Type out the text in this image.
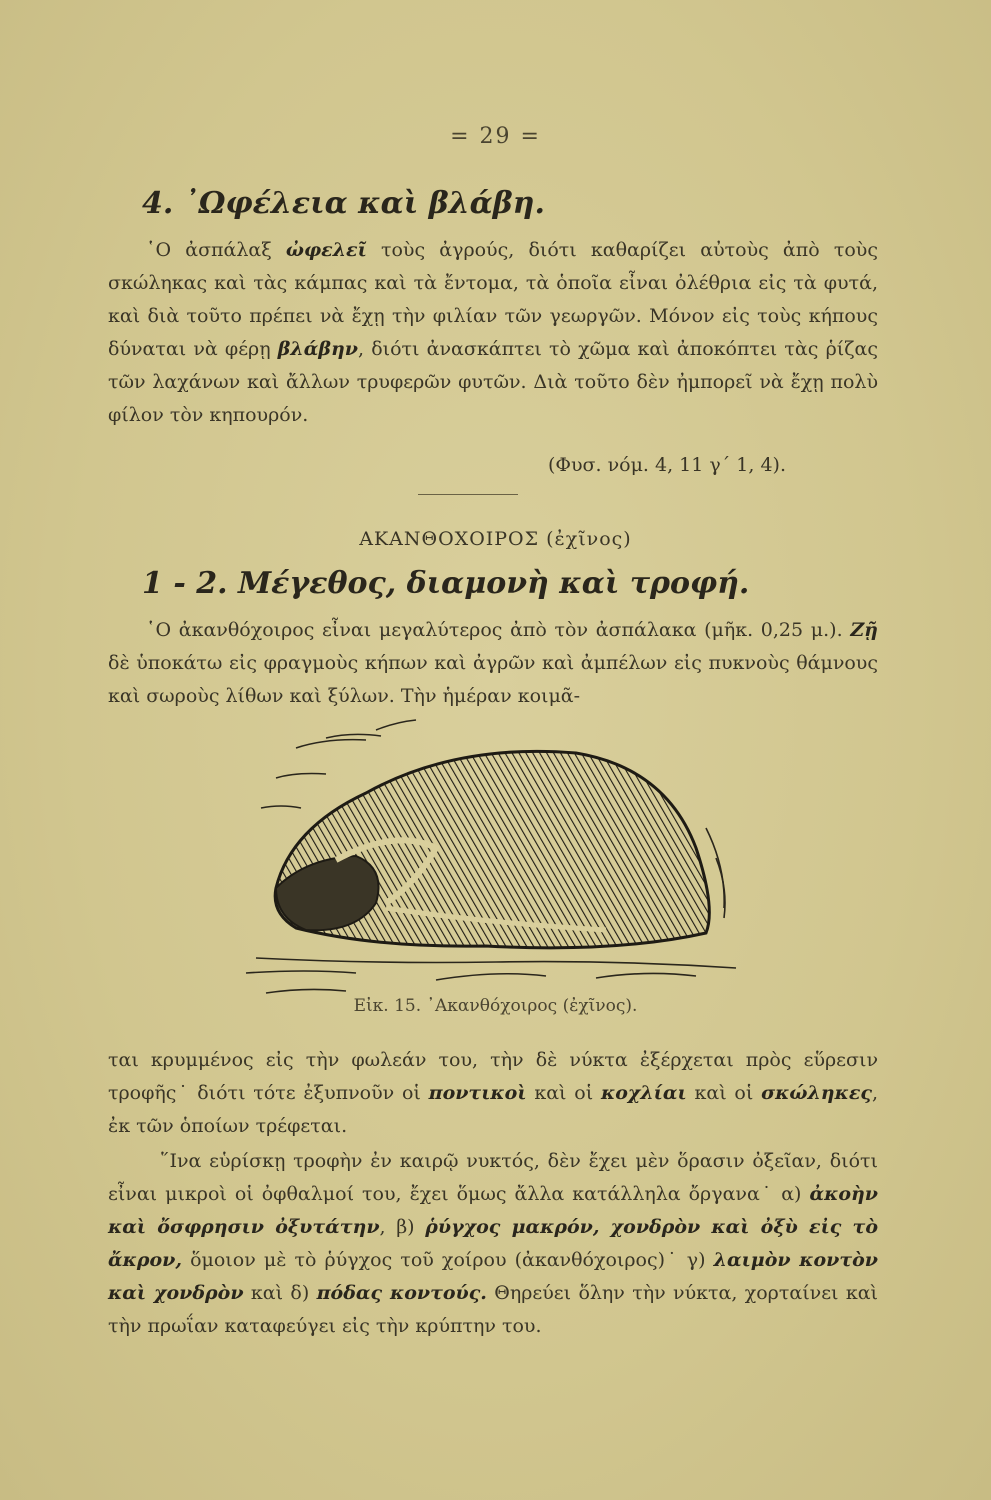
= 29 =
4. ᾿Ωφέλεια καὶ βλάβη.

῾Ο ἀσπάλαξ ὠφελεῖ τοὺς ἀγρούς, διότι καθαρίζει αὐτοὺς ἀπὸ τοὺς σκώληκας καὶ τὰς κάμπας καὶ τὰ ἔντομα, τὰ ὁποῖα εἶναι ὀλέθρια εἰς τὰ φυτά, καὶ διὰ τοῦτο πρέπει νὰ ἔχῃ τὴν φιλίαν τῶν γεωργῶν. Μόνον εἰς τοὺς κήπους δύναται νὰ φέρῃ βλάβην, διότι ἀνασκάπτει τὸ χῶμα καὶ ἀποκόπτει τὰς ῥίζας τῶν λαχάνων καὶ ἄλλων τρυφερῶν φυτῶν. Διὰ τοῦτο δὲν ἠμπορεῖ νὰ ἔχῃ πολὺ φίλον τὸν κηπουρόν.

(Φυσ. νόμ. 4, 11 γ΄ 1, 4).
ΑΚΑΝΘΟΧΟΙΡΟΣ (ἐχῖνος)
1 - 2. Μέγεθος, διαμονὴ καὶ τροφή.

῾Ο ἀκανθόχοιρος εἶναι μεγαλύτερος ἀπὸ τὸν ἀσπάλακα (μῆκ. 0,25 μ.). Ζῇ δὲ ὑποκάτω εἰς φραγμοὺς κήπων καὶ ἀγρῶν καὶ ἀμπέλων εἰς πυκνοὺς θάμνους καὶ σωροὺς λίθων καὶ ξύλων. Τὴν ἡμέραν κοιμᾶ-

Εἰκ. 15. ᾿Ακανθόχοιρος (ἐχῖνος).

ται κρυμμένος εἰς τὴν φωλεάν του, τὴν δὲ νύκτα ἐξέρχεται πρὸς εὕρεσιν τροφῆς˙ διότι τότε ἐξυπνοῦν οἱ ποντικοὶ καὶ οἱ κοχλίαι καὶ οἱ σκώληκες, ἐκ τῶν ὁποίων τρέφεται.

῞Ινα εὑρίσκῃ τροφὴν ἐν καιρῷ νυκτός, δὲν ἔχει μὲν ὅρασιν ὀξεῖαν, διότι εἶναι μικροὶ οἱ ὀφθαλμοί του, ἔχει ὅμως ἄλλα κατάλληλα ὄργανα˙ α) ἀκοὴν καὶ ὄσφρησιν ὀξυτάτην, β) ῥύγχος μακρόν, χονδρὸν καὶ ὀξὺ εἰς τὸ ἄκρον, ὅμοιον μὲ τὸ ῥύγχος τοῦ χοίρου (ἀκανθόχοιρος)˙ γ) λαιμὸν κοντὸν καὶ χονδρὸν καὶ δ) πόδας κοντούς. Θηρεύει ὅλην τὴν νύκτα, χορταίνει καὶ τὴν πρωΐαν καταφεύγει εἰς τὴν κρύπτην του.
